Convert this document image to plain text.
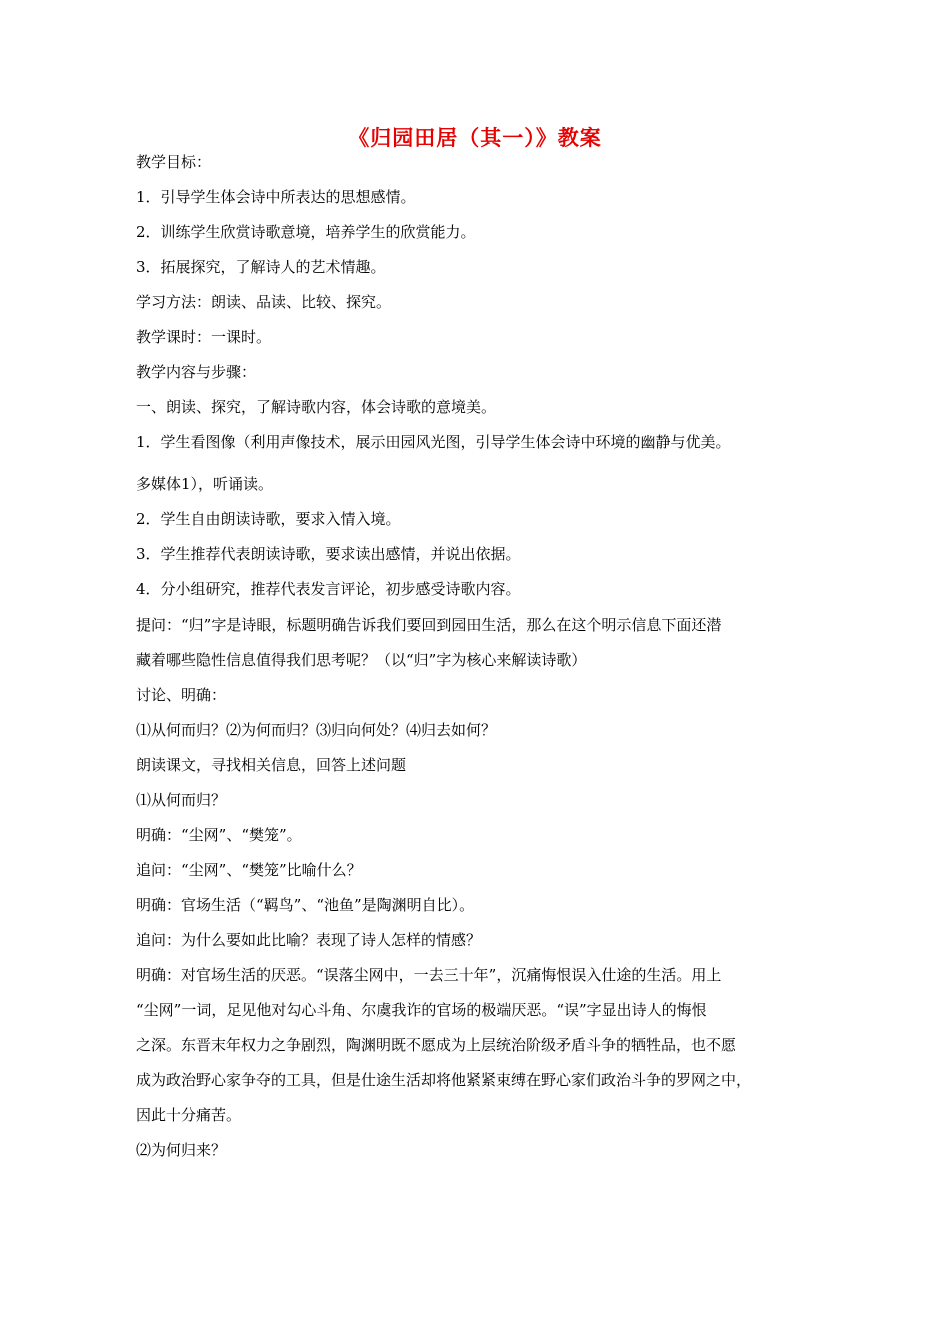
《归园田居（其一）》教案
教学目标：
1．引导学生体会诗中所表达的思想感情。
2．训练学生欣赏诗歌意境，培养学生的欣赏能力。
3．拓展探究，了解诗人的艺术情趣。
学习方法：朗读、品读、比较、探究。
教学课时：一课时。
教学内容与步骤：
一、朗读、探究，了解诗歌内容，体会诗歌的意境美。
1．学生看图像（利用声像技术，展示田园风光图，引导学生体会诗中环境的幽静与优美。
多媒体1），听诵读。
2．学生自由朗读诗歌，要求入情入境。
3．学生推荐代表朗读诗歌，要求读出感情，并说出依据。
4．分小组研究，推荐代表发言评论，初步感受诗歌内容。
提问：“归”字是诗眼，标题明确告诉我们要回到园田生活，那么在这个明示信息下面还潜
藏着哪些隐性信息值得我们思考呢？（以“归”字为核心来解读诗歌）
讨论、明确：
⑴从何而归？⑵为何而归？⑶归向何处？⑷归去如何？
朗读课文，寻找相关信息，回答上述问题
⑴从何而归？
明确：“尘网”、“樊笼”。
追问：“尘网”、“樊笼”比喻什么？
明确：官场生活（“羁鸟”、“池鱼”是陶渊明自比）。
追问：为什么要如此比喻？表现了诗人怎样的情感？
明确：对官场生活的厌恶。“误落尘网中，一去三十年”，沉痛悔恨误入仕途的生活。用上
“尘网”一词，足见他对勾心斗角、尔虞我诈的官场的极端厌恶。“误”字显出诗人的悔恨
之深。东晋末年权力之争剧烈，陶渊明既不愿成为上层统治阶级矛盾斗争的牺牲品，也不愿
成为政治野心家争夺的工具，但是仕途生活却将他紧紧束缚在野心家们政治斗争的罗网之中，
因此十分痛苦。
⑵为何归来？
